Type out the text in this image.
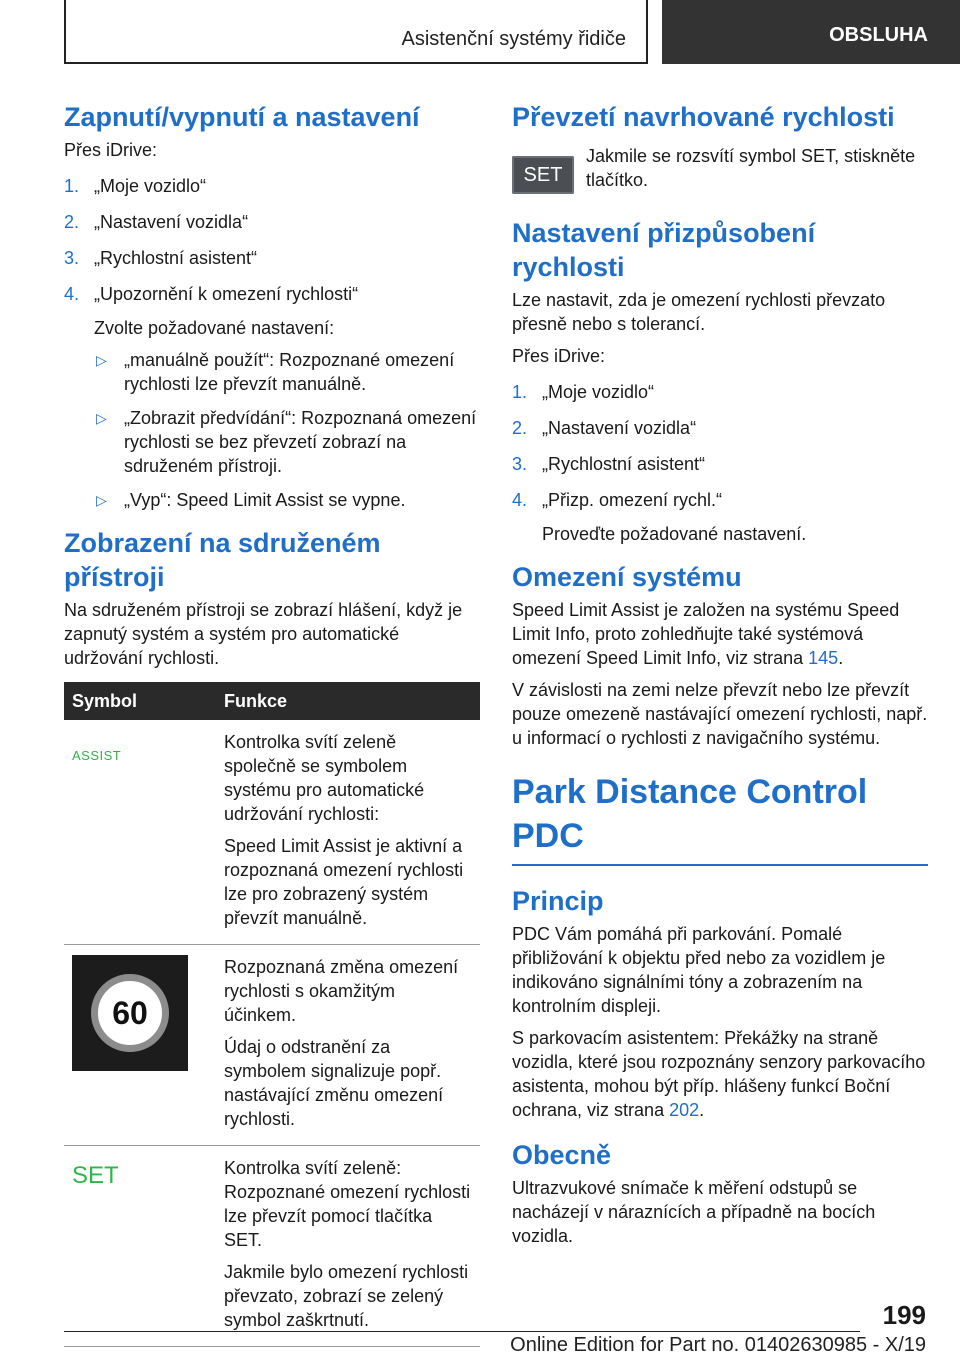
Asistenční systémy řidiče	OBSLUHA
Zapnutí/vypnutí a nastavení

Přes iDrive:

1. „Moje vozidlo“
2. „Nastavení vozidla“
3. „Rychlostní asistent“
4. „Upozornění k omezení rychlosti“
Zvolte požadované nastavení:
▷ „manuálně použít“: Rozpoznané omezení rychlosti lze převzít manuálně.
▷ „Zobrazit předvídání“: Rozpoznaná omezení rychlosti se bez převzetí zobrazí na sdruženém přístroji.
▷ „Vyp“: Speed Limit Assist se vypne.
Zobrazení na sdruženém přístroji

Na sdruženém přístroji se zobrazí hlášení, když je zapnutý systém a systém pro automatické udržování rychlosti.

Symbol	Funkce

ASSIST	Kontrolka svítí zeleně společně se symbolem systému pro automatické udržování rychlosti:

Speed Limit Assist je aktivní a rozpoznaná omezení rychlosti lze pro zobrazený systém převzít manuálně.

60	Rozpoznaná změna omezení rychlosti s okamžitým účinkem.

Údaj o odstranění za symbolem signalizuje popř. nastávající změnu omezení rychlosti.

SET	Kontrolka svítí zeleně: Rozpoznané omezení rychlosti lze převzít pomocí tlačítka SET.

Jakmile bylo omezení rychlosti převzato, zobrazí se zelený symbol zaškrtnutí.

Převzetí navrhované rychlosti
SET

Jakmile se rozsvítí symbol SET, stiskněte tlačítko.

Nastavení přizpůsobení rychlosti

Lze nastavit, zda je omezení rychlosti převzato přesně nebo s tolerancí.

Přes iDrive:

1. „Moje vozidlo“
2. „Nastavení vozidla“
3. „Rychlostní asistent“
4. „Přizp. omezení rychl.“
Proveďte požadované nastavení.
Omezení systému

Speed Limit Assist je založen na systému Speed Limit Info, proto zohledňujte také systémová omezení Speed Limit Info, viz strana 145.

V závislosti na zemi nelze převzít nebo lze převzít pouze omezeně nastávající omezení rychlosti, např. u informací o rychlosti z navigačního systému.

Park Distance Control PDC
Princip

PDC Vám pomáhá při parkování. Pomalé přibližování k objektu před nebo za vozidlem je indikováno signálními tóny a zobrazením na kontrolním displeji.

S parkovacím asistentem: Překážky na straně vozidla, které jsou rozpoznány senzory parkovacího asistenta, mohou být příp. hlášeny funkcí Boční ochrana, viz strana 202.

Obecně

Ultrazvukové snímače k měření odstupů se nacházejí v náraznících a případně na bocích vozidla.

199
Online Edition for Part no. 01402630985 - X/19
